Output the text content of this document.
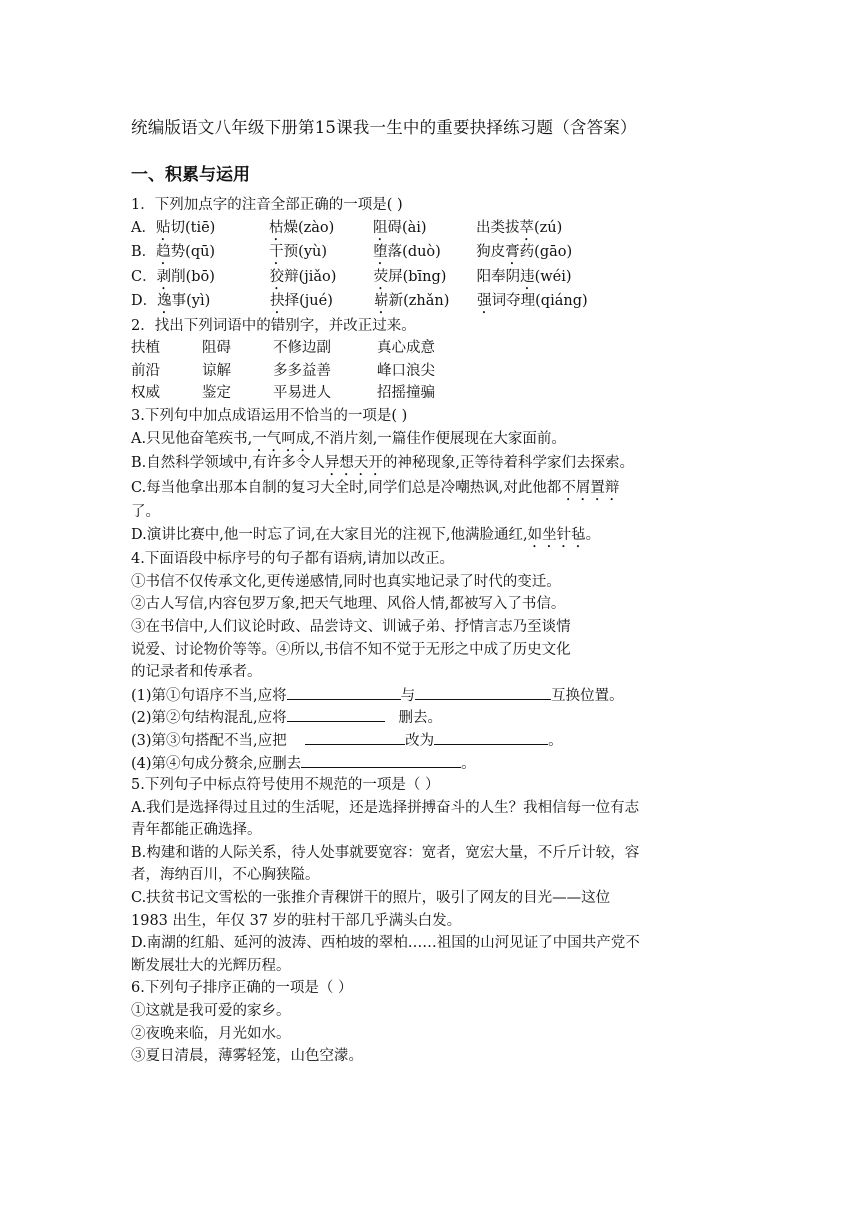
统编版语文八年级下册第15课我一生中的重要抉择练习题（含答案）
一、积累与运用
1．下列加点字的注音全部正确的一项是( )
A．贴切(tiē)	枯燥(zào)	阻碍(ài)	出类拔萃(zú)
B．趋势(qū)	干预(yù)	堕落(duò) 狗皮膏药(gāo)
C．剥削(bō)	狡辩(jiǎo)	荧屏(bīng) 阳奉阴违(wéi)
D．逸事(yì)	抉择(jué)	崭新(zhǎn) 强词夺理(qiáng)
2．找出下列词语中的错别字，并改正过来。
扶植	阻碍	不修边副	真心成意
前沿	谅解	多多益善	峰口浪尖
权威	鉴定	平易进人	招摇撞骗
3.下列句中加点成语运用不恰当的一项是( )
A.只见他奋笔疾书,一气呵成,不消片刻,一篇佳作便展现在大家面前。
B.自然科学领域中,有许多令人异想天开的神秘现象,正等待着科学家们去探索。
C.每当他拿出那本自制的复习大全时,同学们总是冷嘲热讽,对此他都不屑置辩
了。
D.演讲比赛中,他一时忘了词,在大家目光的注视下,他满脸通红,如坐针毡。
4.下面语段中标序号的句子都有语病,请加以改正。
①书信不仅传承文化,更传递感情,同时也真实地记录了时代的变迁。
②古人写信,内容包罗万象,把天气地理、风俗人情,都被写入了书信。
③在书信中,人们议论时政、品尝诗文、训诫子弟、抒情言志乃至谈情
说爱、讨论物价等等。④所以,书信不知不觉于无形之中成了历史文化
的记录者和传承者。
(1)第①句语序不当,应将	与	互换位置。
(2)第②句结构混乱,应将	删去。
(3)第③句搭配不当,应把	改为	。
(4)第④句成分赘余,应删去	。
5.下列句子中标点符号使用不规范的一项是（ ）
A.我们是选择得过且过的生活呢，还是选择拼搏奋斗的人生？我相信每一位有志
青年都能正确选择。
B.构建和谐的人际关系，待人处事就要宽容：宽者，宽宏大量，不斤斤计较，容
者，海纳百川，不心胸狭隘。
C.扶贫书记文雪松的一张推介青稞饼干的照片，吸引了网友的目光——这位
1983 出生，年仅 37 岁的驻村干部几乎满头白发。
D.南湖的红船、延河的波涛、西柏坡的翠柏……祖国的山河见证了中国共产党不
断发展壮大的光辉历程。
6.下列句子排序正确的一项是（ ）
①这就是我可爱的家乡。
②夜晚来临，月光如水。
③夏日清晨，薄雾轻笼，山色空濛。
